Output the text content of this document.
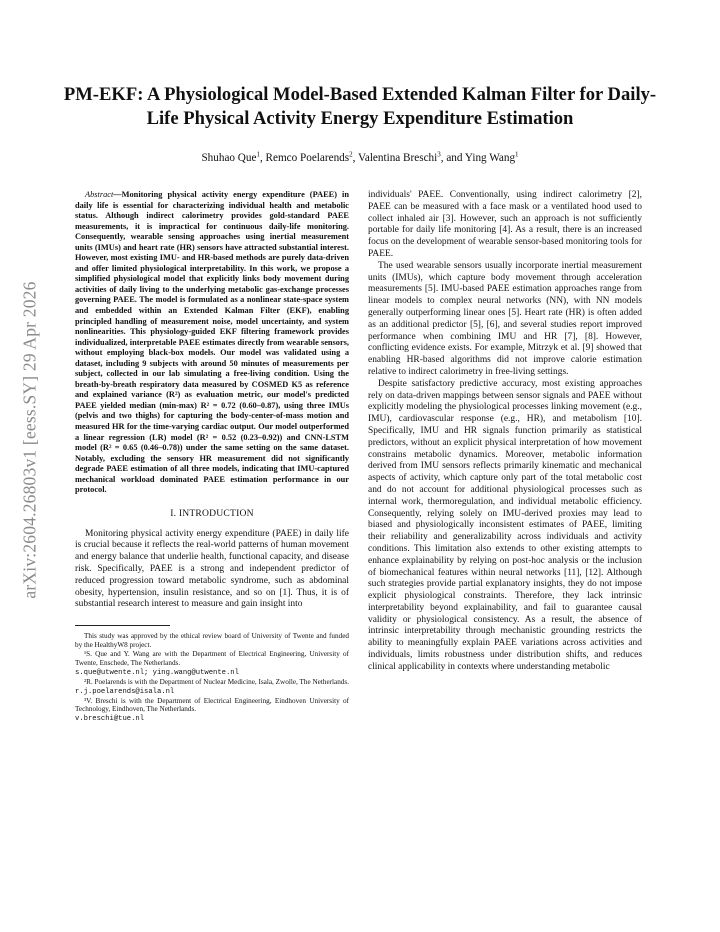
arXiv:2604.26803v1 [eess.SY] 29 Apr 2026
PM-EKF: A Physiological Model-Based Extended Kalman Filter for Daily-Life Physical Activity Energy Expenditure Estimation
Shuhao Que$^1$, Remco Poelarends$^2$, Valentina Breschi$^3$, and Ying Wang$^1$

Abstract—Monitoring physical activity energy expenditure (PAEE) in daily life is essential for characterizing individual health and metabolic status. Although indirect calorimetry provides gold-standard PAEE measurements, it is impractical for continuous daily-life monitoring. Consequently, wearable sensing approaches using inertial measurement units (IMUs) and heart rate (HR) sensors have attracted substantial interest. However, most existing IMU- and HR-based methods are purely data-driven and offer limited physiological interpretability. In this work, we propose a simplified physiological model that explicitly links body movement during activities of daily living to the underlying metabolic gas-exchange processes governing PAEE. The model is formulated as a nonlinear state-space system and embedded within an Extended Kalman Filter (EKF), enabling principled handling of measurement noise, model uncertainty, and system nonlinearities. This physiology-guided EKF filtering framework provides individualized, interpretable PAEE estimates directly from wearable sensors, without employing black-box models. Our model was validated using a dataset, including 9 subjects with around 50 minutes of measurements per subject, collected in our lab simulating a free-living condition. Using the breath-by-breath respiratory data measured by COSMED K5 as reference and explained variance (R²) as evaluation metric, our model's predicted PAEE yielded median (min-max) R² = 0.72 (0.60–0.87), using three IMUs (pelvis and two thighs) for capturing the body-center-of-mass motion and measured HR for the time-varying cardiac output. Our model outperformed a linear regression (LR) model (R² = 0.52 (0.23–0.92)) and CNN-LSTM model (R² = 0.65 (0.46–0.78)) under the same setting on the same dataset. Notably, excluding the sensory HR measurement did not significantly degrade PAEE estimation of all three models, indicating that IMU-captured mechanical workload dominated PAEE estimation performance in our protocol.

I. INTRODUCTION

Monitoring physical activity energy expenditure (PAEE) in daily life is crucial because it reflects the real-world patterns of human movement and energy balance that underlie health, functional capacity, and disease risk. Specifically, PAEE is a strong and independent predictor of reduced progression toward metabolic syndrome, such as abdominal obesity, hypertension, insulin resistance, and so on [1]. Thus, it is of substantial research interest to measure and gain insight into

This study was approved by the ethical review board of University of Twente and funded by the HealthyW8 project.

¹S. Que and Y. Wang are with the Department of Electrical Engineering, University of Twente, Enschede, The Netherlands.
s.que@utwente.nl; ying.wang@utwente.nl

²R. Poelarends is with the Department of Nuclear Medicine, Isala, Zwolle, The Netherlands. r.j.poelarends@isala.nl

³V. Breschi is with the Department of Electrical Engineering, Eindhoven University of Technology, Eindhoven, The Netherlands.
v.breschi@tue.nl

individuals' PAEE. Conventionally, using indirect calorimetry [2], PAEE can be measured with a face mask or a ventilated hood used to collect inhaled air [3]. However, such an approach is not sufficiently portable for daily life monitoring [4]. As a result, there is an increased focus on the development of wearable sensor-based monitoring tools for PAEE.

The used wearable sensors usually incorporate inertial measurement units (IMUs), which capture body movement through acceleration measurements [5]. IMU-based PAEE estimation approaches range from linear models to complex neural networks (NN), with NN models generally outperforming linear ones [5]. Heart rate (HR) is often added as an additional predictor [5], [6], and several studies report improved performance when combining IMU and HR [7], [8]. However, conflicting evidence exists. For example, Mitrzyk et al. [9] showed that enabling HR-based algorithms did not improve calorie estimation relative to indirect calorimetry in free-living settings.

Despite satisfactory predictive accuracy, most existing approaches rely on data-driven mappings between sensor signals and PAEE without explicitly modeling the physiological processes linking movement (e.g., IMU), cardiovascular response (e.g., HR), and metabolism [10]. Specifically, IMU and HR signals function primarily as statistical predictors, without an explicit physical interpretation of how movement constrains metabolic dynamics. Moreover, metabolic information derived from IMU sensors reflects primarily kinematic and mechanical aspects of activity, which capture only part of the total metabolic cost and do not account for additional physiological processes such as internal work, thermoregulation, and individual metabolic efficiency. Consequently, relying solely on IMU-derived proxies may lead to biased and physiologically inconsistent estimates of PAEE, limiting their reliability and generalizability across individuals and activity conditions. This limitation also extends to other existing attempts to enhance explainability by relying on post-hoc analysis or the inclusion of biomechanical features within neural networks [11], [12]. Although such strategies provide partial explanatory insights, they do not impose explicit physiological constraints. Therefore, they lack intrinsic interpretability beyond explainability, and fail to guarantee causal validity or physiological consistency. As a result, the absence of intrinsic interpretability through mechanistic grounding restricts the ability to meaningfully explain PAEE variations across activities and individuals, limits robustness under distribution shifts, and reduces clinical applicability in contexts where understanding metabolic
